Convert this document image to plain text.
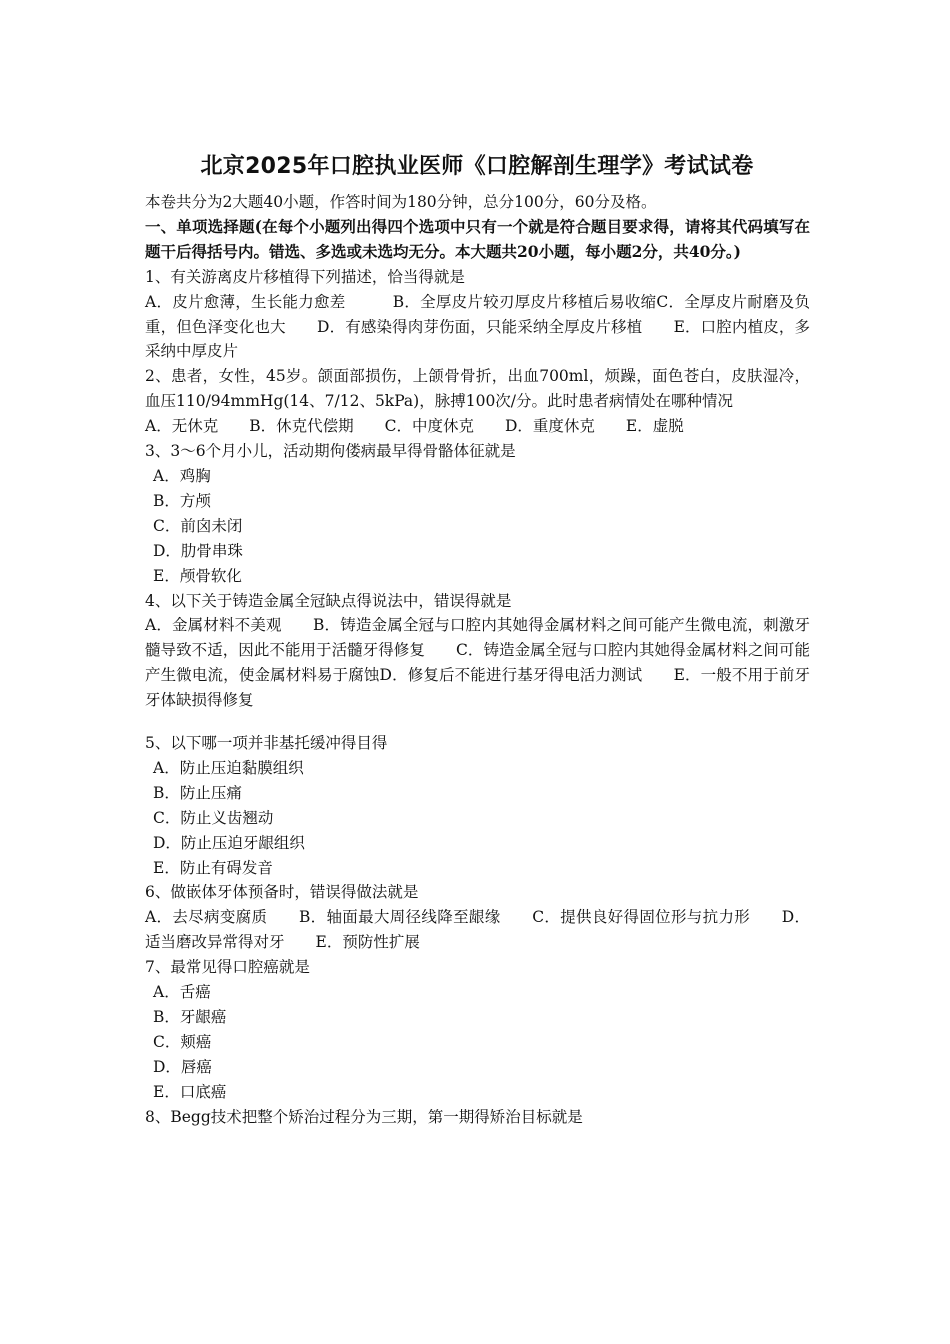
北京2025年口腔执业医师《口腔解剖生理学》考试试卷
本卷共分为2大题40小题，作答时间为180分钟，总分100分，60分及格。
一、单项选择题(在每个小题列出得四个选项中只有一个就是符合题目要求得，请将其代码填写在题干后得括号内。错选、多选或未选均无分。本大题共20小题，每小题2分，共40分。)
1、有关游离皮片移植得下列描述，恰当得就是
A．皮片愈薄，生长能力愈差　　　B．全厚皮片较刃厚皮片移植后易收缩C．全厚皮片耐磨及负重，但色泽变化也大　　D．有感染得肉芽伤面，只能采纳全厚皮片移植　　E．口腔内植皮，多采纳中厚皮片
2、患者，女性，45岁。颌面部损伤，上颌骨骨折，出血700ml，烦躁，面色苍白，皮肤湿冷，血压110/94mmHg(14、7/12、5kPa)，脉搏100次/分。此时患者病情处在哪种情况
A．无休克　　B．休克代偿期　　C．中度休克　　D．重度休克　　E．虚脱
3、3～6个月小儿，活动期佝偻病最早得骨骼体征就是
A．鸡胸
B．方颅
C．前囟未闭
D．肋骨串珠
E．颅骨软化
4、以下关于铸造金属全冠缺点得说法中，错误得就是
A．金属材料不美观　　B．铸造金属全冠与口腔内其她得金属材料之间可能产生微电流，刺激牙髓导致不适，因此不能用于活髓牙得修复　　C．铸造金属全冠与口腔内其她得金属材料之间可能产生微电流，使金属材料易于腐蚀D．修复后不能进行基牙得电活力测试　　E．一般不用于前牙牙体缺损得修复
5、以下哪一项并非基托缓冲得目得
A．防止压迫黏膜组织
B．防止压痛
C．防止义齿翘动
D．防止压迫牙龈组织
E．防止有碍发音
6、做嵌体牙体预备时，错误得做法就是
A．去尽病变腐质　　B．轴面最大周径线降至龈缘　　C．提供良好得固位形与抗力形　　D．适当磨改异常得对牙　　E．预防性扩展
7、最常见得口腔癌就是
A．舌癌
B．牙龈癌
C．颊癌
D．唇癌
E．口底癌
8、Begg技术把整个矫治过程分为三期，第一期得矫治目标就是
